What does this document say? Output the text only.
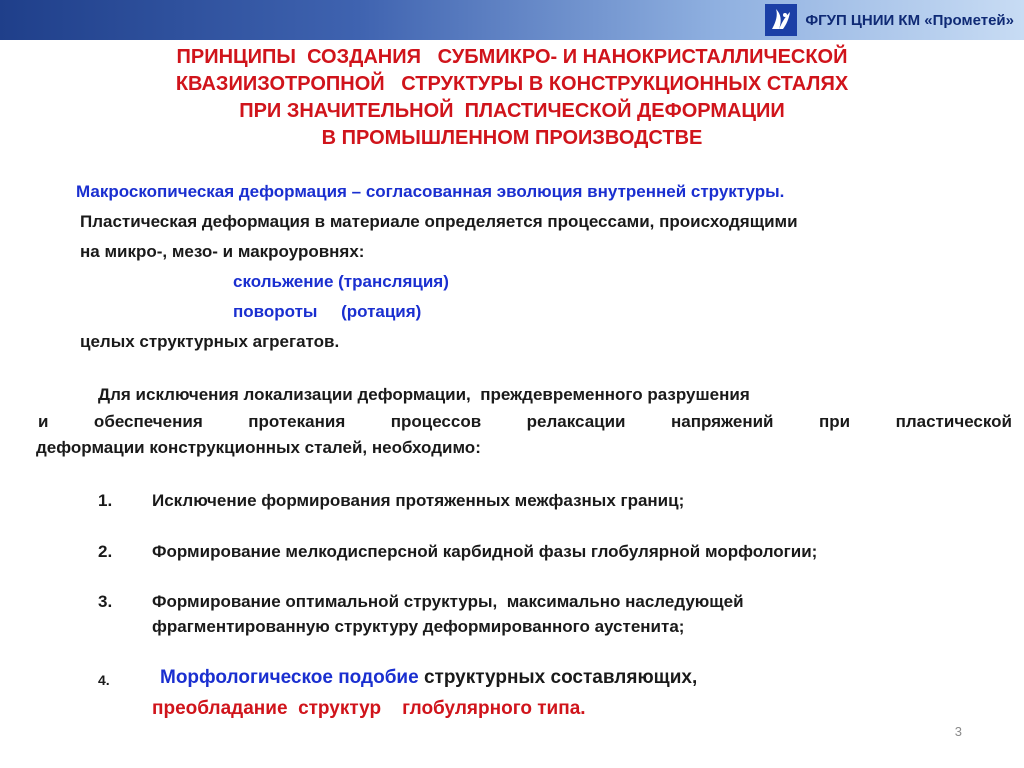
ФГУП ЦНИИ КМ «Прометей»
ПРИНЦИПЫ  СОЗДАНИЯ   СУБМИКРО- И НАНОКРИСТАЛЛИЧЕСКОЙ
КВАЗИИЗОТРОПНОЙ   СТРУКТУРЫ В КОНСТРУКЦИОННЫХ СТАЛЯХ
ПРИ ЗНАЧИТЕЛЬНОЙ  ПЛАСТИЧЕСКОЙ ДЕФОРМАЦИИ
В ПРОМЫШЛЕННОМ ПРОИЗВОДСТВЕ
Макроскопическая деформация – согласованная эволюция внутренней структуры.
Пластическая деформация в материале определяется процессами, происходящими
на микро-, мезо- и макроуровнях:
скольжение (трансляция)
повороты     (ротация)
целых структурных агрегатов.
Для исключения локализации деформации,  преждевременного разрушения
и обеспечения протекания процессов релаксации напряжений при пластической
деформации конструкционных сталей, необходимо:
1. Исключение формирования протяженных межфазных границ;
2. Формирование мелкодисперсной карбидной фазы глобулярной морфологии;
3. Формирование оптимальной структуры,  максимально наследующей
фрагментированную структуру деформированного аустенита;
4.	Морфологическое подобие структурных составляющих,
преобладание  структур    глобулярного типа.
3
